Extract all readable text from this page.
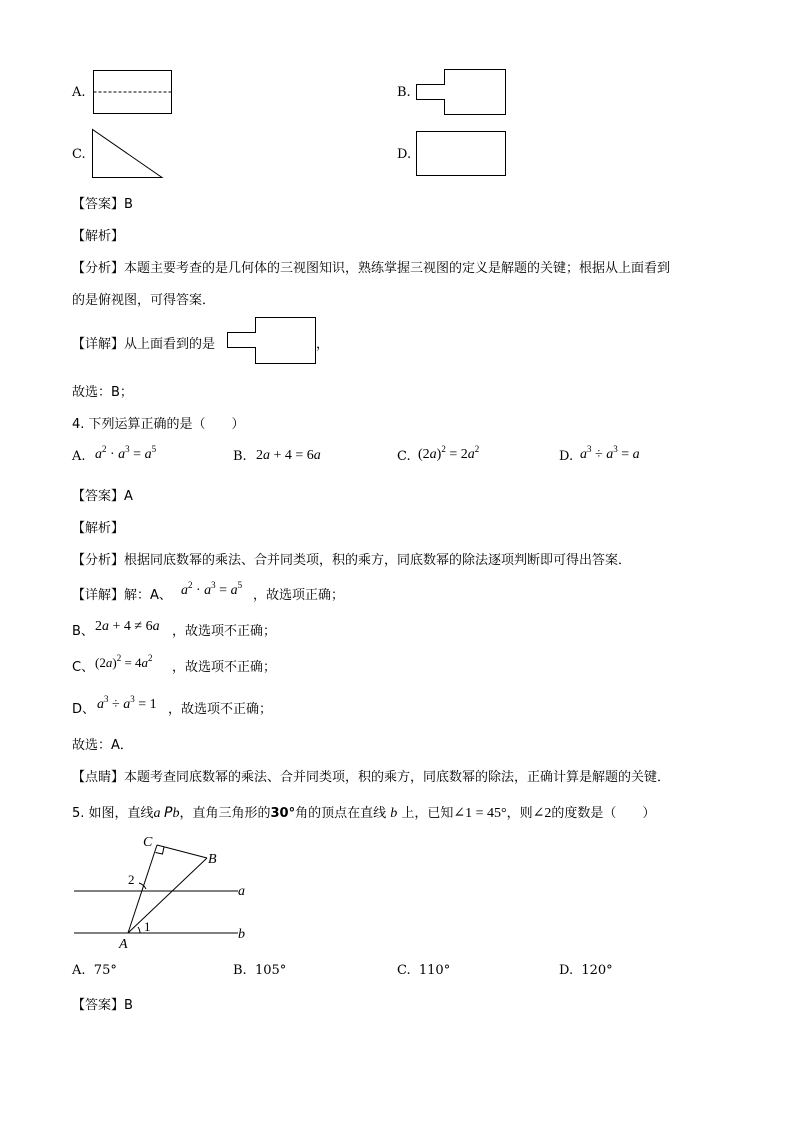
A.	B.
C.	D.
【答案】B
【解析】
【分析】本题主要考查的是几何体的三视图知识，熟练掌握三视图的定义是解题的关键；根据从上面看到
的是俯视图，可得答案．
【详解】从上面看到的是	，
故选：B；
4. 下列运算正确的是（　　）
A. $a^2 \cdot a^3 = a^5$	B. 2a + 4 = 6a	C. $(2a)^2 = 2a^2$	D. $a^3 \div a^3 = a$
【答案】A
【解析】
【分析】根据同底数幂的乘法、合并同类项，积的乘方，同底数幂的除法逐项判断即可得出答案．
【详解】解：A、 $a^2 \cdot a^3 = a^5$
，故选项正确；
B、 2a + 4 ≠ 6a ，故选项不正确；
C、 $(2a)^2 = 4a^2$
，故选项不正确；
D、 $a^3 \div a^3 = 1$ ，故选项不正确；
故选：A．
【点睛】本题考查同底数幂的乘法、合并同类项，积的乘方，同底数幂的除法，正确计算是解题的关键．
5. 如图，直线a Pb，直角三角形的30°角的顶点在直线 b 上，已知∠1 = 45°，则∠2的度数是（　　）
C
B
A
a
b
1
2
A. 75°	B. 105°	C. 110°	D. 120°
【答案】B
